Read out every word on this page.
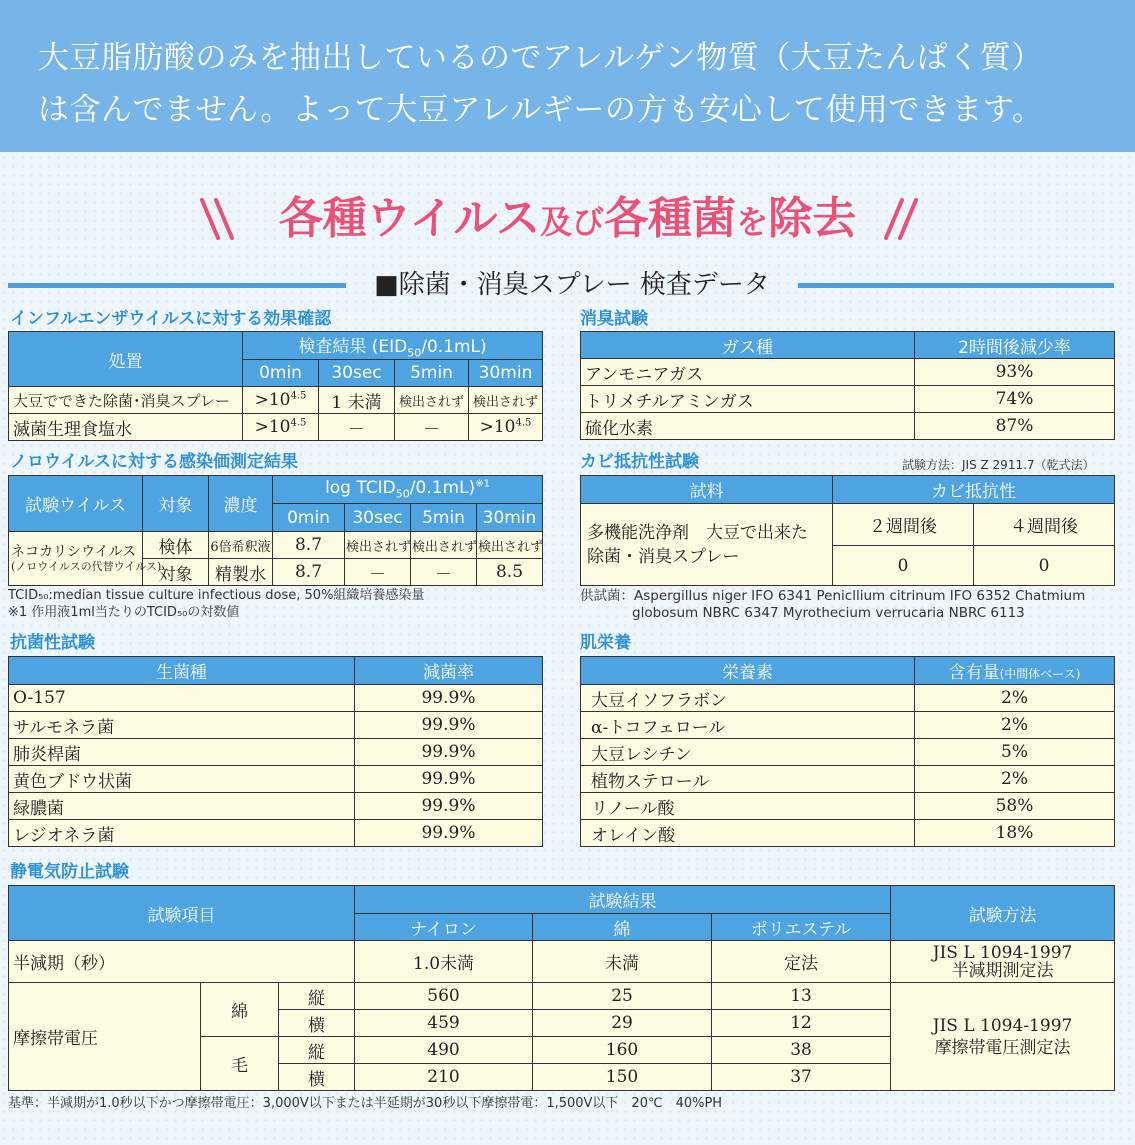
大豆脂肪酸のみを抽出しているのでアレルゲン物質（大豆たんぱく質）
は含んでません。よって大豆アレルギーの方も安心して使用できます。
各種ウイルス及び各種菌を除去
■除菌・消臭スプレー 検査データ
インフルエンザウイルスに対する効果確認
処置	検査結果 $(EID_{50}/0.1mL)$			
	0min	30sec	5min	30min
大豆でできた除菌･消臭スプレー	$>10^{4.5}$	1 未満	検出されず	検出されず
滅菌生理食塩水	$>10^{4.5}$	－	－	$>10^{4.5}$
消臭試験
ガス種	2時間後減少率
アンモニアガス	93%
トリメチルアミンガス	74%
硫化水素	87%
ノロウイルスに対する感染価測定結果
試験ウイルス	対象	濃度	$\log TCID_{50}/0.1mL)^{※1}$
			0min	30sec	5min	30min
ネコカリシウイルス
(ノロウイルスの代替ウイルス)	検体	6倍希釈液	8.7	検出されず	検出されず	検出されず
	対象	精製水	8.7	－	－	8.5
TCID₅₀:median tissue culture infectious dose, 50%組織培養感染量
※1 作用液1ml当たりのTCID₅₀の対数値
カビ抵抗性試験	試験方法：JIS Z 2911.7（乾式法）
試料	カビ抵抗性	

多機能洗浄剤　大豆で出来た
除菌・消臭スプレー	２週間後	４週間後
	0	0
供試菌：Aspergillus niger IFO 6341 Penicllium citrinum IFO 6352 Chatmium
globosum NBRC 6347 Myrothecium verrucaria NBRC 6113
抗菌性試験
生菌種	減菌率
O-157	99.9%
サルモネラ菌	99.9%
肺炎桿菌	99.9%
黄色ブドウ状菌	99.9%
緑膿菌	99.9%
レジオネラ菌	99.9%
肌栄養
栄養素	含有量(中間体ベース)
大豆イソフラボン	2%
α-トコフェロール	2%
大豆レシチン	5%
植物ステロール	2%
リノール酸	58%
オレイン酸	18%
静電気防止試験
試験項目			試験結果			試験方法
			ナイロン	綿	ポリエステル	
半減期（秒）			1.0未満	未満	定法	JIS L 1094-1997
半減期測定法

摩擦帯電圧	綿	縦	560	25	13	JIS L 1094-1997
摩擦帯電圧測定法

		横	459	29	12	
	毛	縦	490	160	38	
		横	210	150	37	
基準：半減期が1.0秒以下かつ摩擦帯電圧：3,000V以下または半延期が30秒以下摩擦帯電：1,500V以下　20℃　40%PH
